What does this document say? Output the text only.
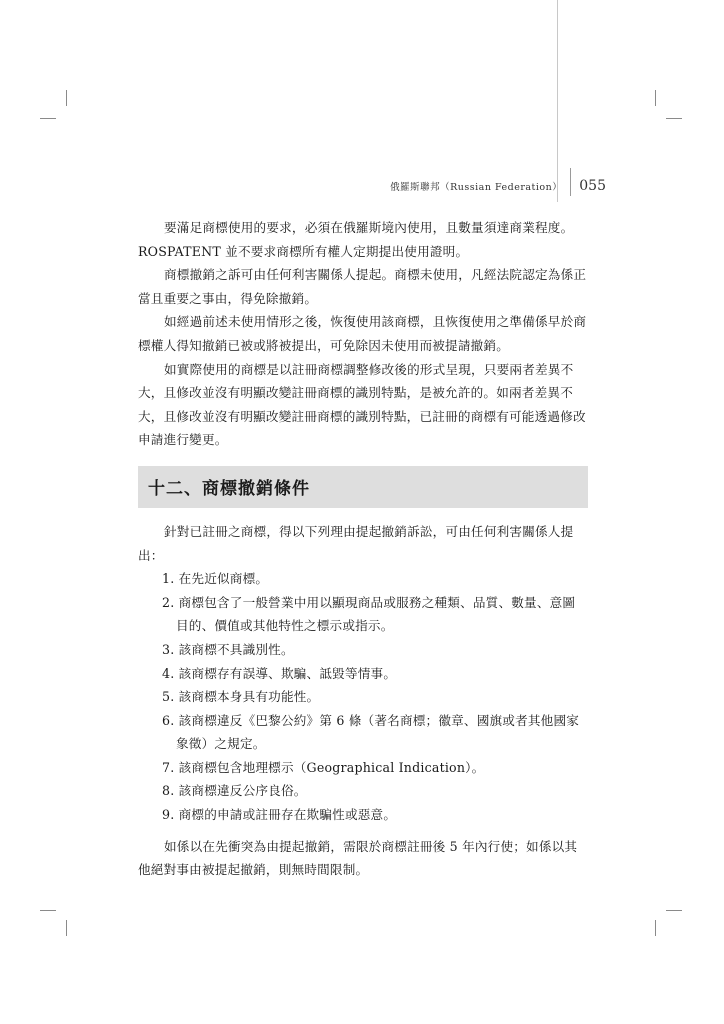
俄羅斯聯邦（Russian Federation） 055

要滿足商標使用的要求，必須在俄羅斯境內使用，且數量須達商業程度。

ROSPATENT 並不要求商標所有權人定期提出使用證明。

商標撤銷之訴可由任何利害關係人提起。商標未使用，凡經法院認定為係正當且重要之事由，得免除撤銷。

如經過前述未使用情形之後，恢復使用該商標，且恢復使用之準備係早於商標權人得知撤銷已被或將被提出，可免除因未使用而被提請撤銷。

如實際使用的商標是以註冊商標調整修改後的形式呈現，只要兩者差異不大，且修改並沒有明顯改變註冊商標的識別特點，是被允許的。如兩者差異不大，且修改並沒有明顯改變註冊商標的識別特點，已註冊的商標有可能透過修改申請進行變更。

十二、商標撤銷條件

針對已註冊之商標，得以下列理由提起撤銷訴訟，可由任何利害關係人提出：

1. 在先近似商標。
2. 商標包含了一般營業中用以顯現商品或服務之種類、品質、數量、意圖目的、價值或其他特性之標示或指示。
3. 該商標不具識別性。
4. 該商標存有誤導、欺騙、詆毀等情事。
5. 該商標本身具有功能性。
6. 該商標違反《巴黎公約》第 6 條（著名商標；徽章、國旗或者其他國家象徵）之規定。
7. 該商標包含地理標示（Geographical Indication）。
8. 該商標違反公序良俗。
9. 商標的申請或註冊存在欺騙性或惡意。

如係以在先衝突為由提起撤銷，需限於商標註冊後 5 年內行使；如係以其他絕對事由被提起撤銷，則無時間限制。
